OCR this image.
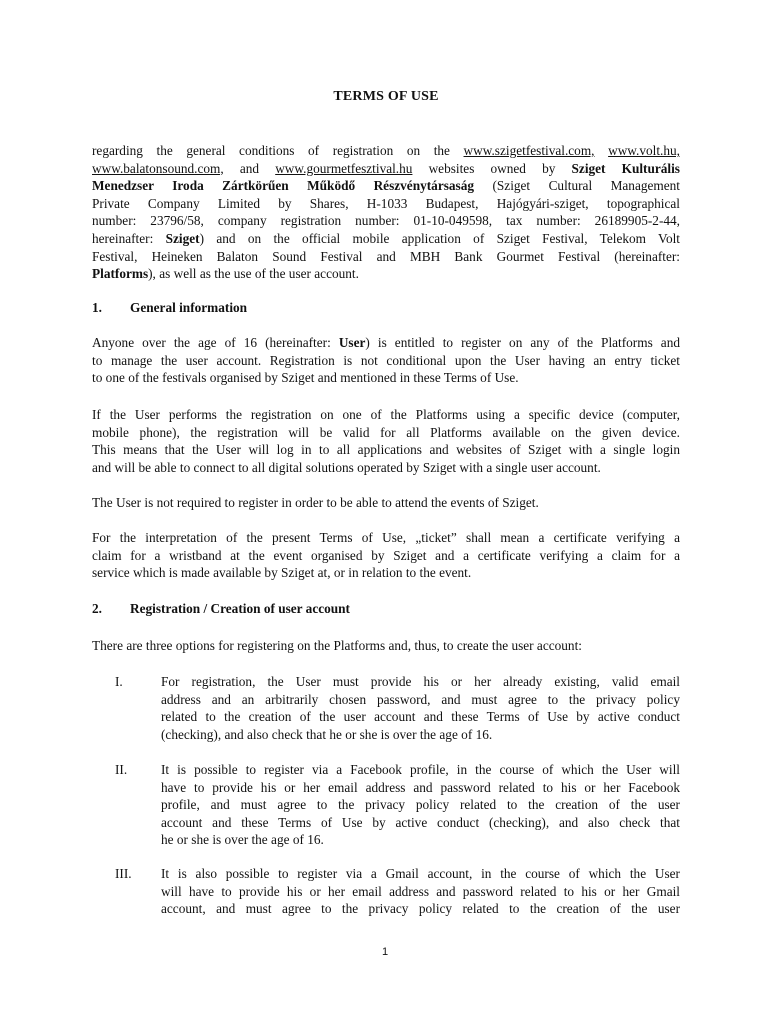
TERMS OF USE
regarding the general conditions of registration on the www.szigetfestival.com, www.volt.hu,
www.balatonsound.com, and www.gourmetfesztival.hu websites owned by Sziget Kulturális
Menedzser Iroda Zártkörűen Működő Részvénytársaság (Sziget Cultural Management
Private Company Limited by Shares, H-1033 Budapest, Hajógyári-sziget, topographical
number: 23796/58, company registration number: 01-10-049598, tax number: 26189905-2-44,
hereinafter: Sziget) and on the official mobile application of Sziget Festival, Telekom Volt
Festival, Heineken Balaton Sound Festival and MBH Bank Gourmet Festival (hereinafter:
Platforms), as well as the use of the user account.
1. General information
Anyone over the age of 16 (hereinafter: User) is entitled to register on any of the Platforms and
to manage the user account. Registration is not conditional upon the User having an entry ticket
to one of the festivals organised by Sziget and mentioned in these Terms of Use.
If the User performs the registration on one of the Platforms using a specific device (computer,
mobile phone), the registration will be valid for all Platforms available on the given device.
This means that the User will log in to all applications and websites of Sziget with a single login
and will be able to connect to all digital solutions operated by Sziget with a single user account.
The User is not required to register in order to be able to attend the events of Sziget.
For the interpretation of the present Terms of Use, „ticket” shall mean a certificate verifying a
claim for a wristband at the event organised by Sziget and a certificate verifying a claim for a
service which is made available by Sziget at, or in relation to the event.
2. Registration / Creation of user account
There are three options for registering on the Platforms and, thus, to create the user account:
I.	For registration, the User must provide his or her already existing, valid email
address and an arbitrarily chosen password, and must agree to the privacy policy
related to the creation of the user account and these Terms of Use by active conduct
(checking), and also check that he or she is over the age of 16.
II.	It is possible to register via a Facebook profile, in the course of which the User will
have to provide his or her email address and password related to his or her Facebook
profile, and must agree to the privacy policy related to the creation of the user
account and these Terms of Use by active conduct (checking), and also check that
he or she is over the age of 16.
III. It is also possible to register via a Gmail account, in the course of which the User
will have to provide his or her email address and password related to his or her Gmail
account, and must agree to the privacy policy related to the creation of the user
1
